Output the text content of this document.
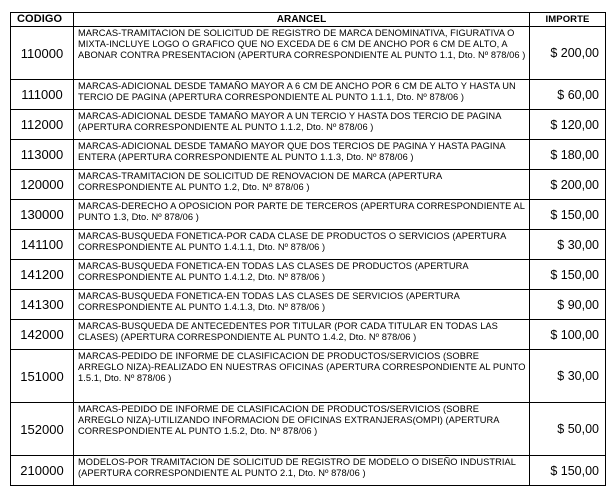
CODIGO	ARANCEL	IMPORTE
110000	MARCAS-TRAMITACION DE SOLICITUD DE REGISTRO DE MARCA DENOMINATIVA, FIGURATIVA O MIXTA-INCLUYE LOGO O GRAFICO QUE NO EXCEDA DE 6 CM DE ANCHO POR 6 CM DE ALTO, A ABONAR CONTRA PRESENTACION (APERTURA CORRESPONDIENTE AL PUNTO 1.1, Dto. Nº 878/06 )	$ 200,00
111000	MARCAS-ADICIONAL DESDE TAMAÑO MAYOR A 6 CM DE ANCHO POR 6 CM DE ALTO Y HASTA UN TERCIO DE PAGINA (APERTURA CORRESPONDIENTE AL PUNTO 1.1.1, Dto. Nº 878/06 )	$ 60,00
112000	MARCAS-ADICIONAL DESDE TAMAÑO MAYOR A UN TERCIO Y HASTA DOS TERCIO DE PAGINA (APERTURA CORRESPONDIENTE AL PUNTO 1.1.2, Dto. Nº 878/06 )	$ 120,00
113000	MARCAS-ADICIONAL DESDE TAMAÑO MAYOR QUE DOS TERCIOS DE PAGINA Y HASTA PAGINA ENTERA (APERTURA CORRESPONDIENTE AL PUNTO 1.1.3, Dto. Nº 878/06 )	$ 180,00
120000	MARCAS-TRAMITACION DE SOLICITUD DE RENOVACION DE MARCA (APERTURA CORRESPONDIENTE AL PUNTO 1.2, Dto. Nº 878/06 )	$ 200,00
130000	MARCAS-DERECHO A OPOSICION POR PARTE DE TERCEROS (APERTURA CORRESPONDIENTE AL PUNTO 1.3, Dto. Nº 878/06 )	$ 150,00
141100	MARCAS-BUSQUEDA FONETICA-POR CADA CLASE DE PRODUCTOS O SERVICIOS (APERTURA CORRESPONDIENTE AL PUNTO 1.4.1.1, Dto. Nº 878/06 )	$ 30,00
141200	MARCAS-BUSQUEDA FONETICA-EN TODAS LAS CLASES DE PRODUCTOS (APERTURA CORRESPONDIENTE AL PUNTO 1.4.1.2, Dto. Nº 878/06 )	$ 150,00
141300	MARCAS-BUSQUEDA FONETICA-EN TODAS LAS CLASES DE SERVICIOS (APERTURA CORRESPONDIENTE AL PUNTO 1.4.1.3, Dto. Nº 878/06 )	$ 90,00
142000	MARCAS-BUSQUEDA DE ANTECEDENTES POR TITULAR (POR CADA TITULAR EN TODAS LAS CLASES) (APERTURA CORRESPONDIENTE AL PUNTO 1.4.2, Dto. Nº 878/06 )	$ 100,00
151000	MARCAS-PEDIDO DE INFORME DE CLASIFICACION DE PRODUCTOS/SERVICIOS (SOBRE ARREGLO NIZA)-REALIZADO EN NUESTRAS OFICINAS (APERTURA CORRESPONDIENTE AL PUNTO 1.5.1, Dto. Nº 878/06 )	$ 30,00
152000	MARCAS-PEDIDO DE INFORME DE CLASIFICACION DE PRODUCTOS/SERVICIOS (SOBRE ARREGLO NIZA)-UTILIZANDO INFORMACION DE OFICINAS EXTRANJERAS(OMPI) (APERTURA CORRESPONDIENTE AL PUNTO 1.5.2, Dto. Nº 878/06 )	$ 50,00
210000	MODELOS-POR TRAMITACION DE SOLICITUD DE REGISTRO DE MODELO O DISEÑO INDUSTRIAL (APERTURA CORRESPONDIENTE AL PUNTO 2.1, Dto. Nº 878/06 )	$ 150,00
